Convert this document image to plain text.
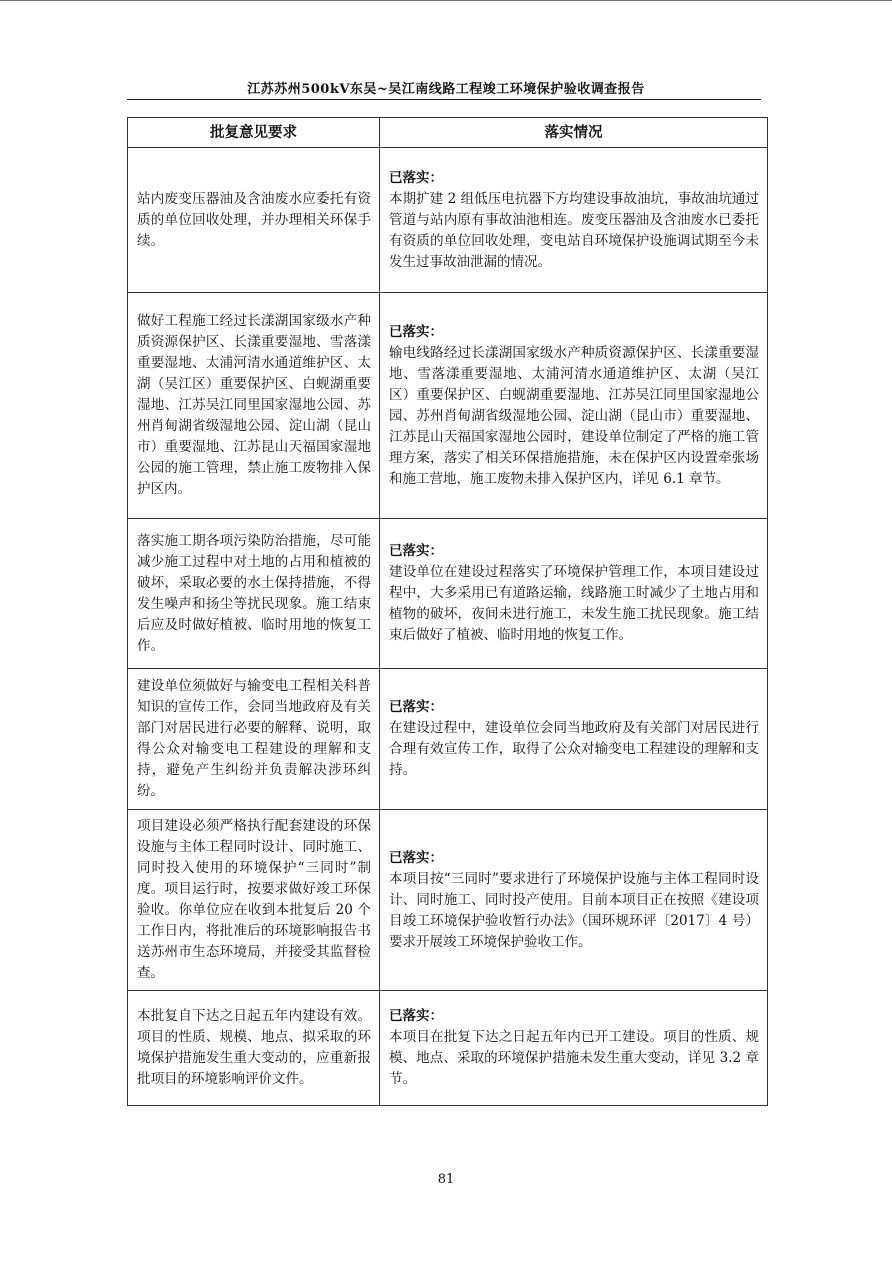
江苏苏州500kV东吴~吴江南线路工程竣工环境保护验收调查报告
批复意见要求	落实情况
站内废变压器油及含油废水应委托有资质的单位回收处理，并办理相关环保手续。	已落实：
本期扩建 2 组低压电抗器下方均建设事故油坑，事故油坑通过管道与站内原有事故油池相连。废变压器油及含油废水已委托有资质的单位回收处理，变电站自环境保护设施调试期至今未发生过事故油泄漏的情况。

做好工程施工经过长漾湖国家级水产种质资源保护区、长漾重要湿地、雪落漾重要湿地、太浦河清水通道维护区、太湖（吴江区）重要保护区、白蚬湖重要湿地、江苏吴江同里国家湿地公园、苏州肖甸湖省级湿地公园、淀山湖（昆山市）重要湿地、江苏昆山天福国家湿地公园的施工管理，禁止施工废物排入保护区内。	已落实：
输电线路经过长漾湖国家级水产种质资源保护区、长漾重要湿地、雪落漾重要湿地、太浦河清水通道维护区、太湖（吴江区）重要保护区、白蚬湖重要湿地、江苏吴江同里国家湿地公园、苏州肖甸湖省级湿地公园、淀山湖（昆山市）重要湿地、江苏昆山天福国家湿地公园时，建设单位制定了严格的施工管理方案，落实了相关环保措施措施，未在保护区内设置牵张场和施工营地，施工废物未排入保护区内，详见 6.1 章节。

落实施工期各项污染防治措施，尽可能减少施工过程中对土地的占用和植被的破坏，采取必要的水土保持措施，不得发生噪声和扬尘等扰民现象。施工结束后应及时做好植被、临时用地的恢复工作。	已落实：
建设单位在建设过程落实了环境保护管理工作，本项目建设过程中，大多采用已有道路运输，线路施工时减少了土地占用和植物的破坏，夜间未进行施工，未发生施工扰民现象。施工结束后做好了植被、临时用地的恢复工作。

建设单位须做好与输变电工程相关科普知识的宣传工作，会同当地政府及有关部门对居民进行必要的解释、说明，取得公众对输变电工程建设的理解和支持，避免产生纠纷并负责解决涉环纠纷。	已落实：
在建设过程中，建设单位会同当地政府及有关部门对居民进行合理有效宣传工作，取得了公众对输变电工程建设的理解和支持。

项目建设必须严格执行配套建设的环保设施与主体工程同时设计、同时施工、同时投入使用的环境保护“三同时”制度。项目运行时，按要求做好竣工环保验收。你单位应在收到本批复后 20 个工作日内，将批准后的环境影响报告书送苏州市生态环境局，并接受其监督检查。	已落实：
本项目按“三同时”要求进行了环境保护设施与主体工程同时设计、同时施工、同时投产使用。目前本项目正在按照《建设项目竣工环境保护验收暂行办法》（国环规环评〔2017〕4 号）要求开展竣工环境保护验收工作。

本批复自下达之日起五年内建设有效。项目的性质、规模、地点、拟采取的环境保护措施发生重大变动的，应重新报批项目的环境影响评价文件。	已落实：
本项目在批复下达之日起五年内已开工建设。项目的性质、规模、地点、采取的环境保护措施未发生重大变动，详见 3.2 章节。
81
